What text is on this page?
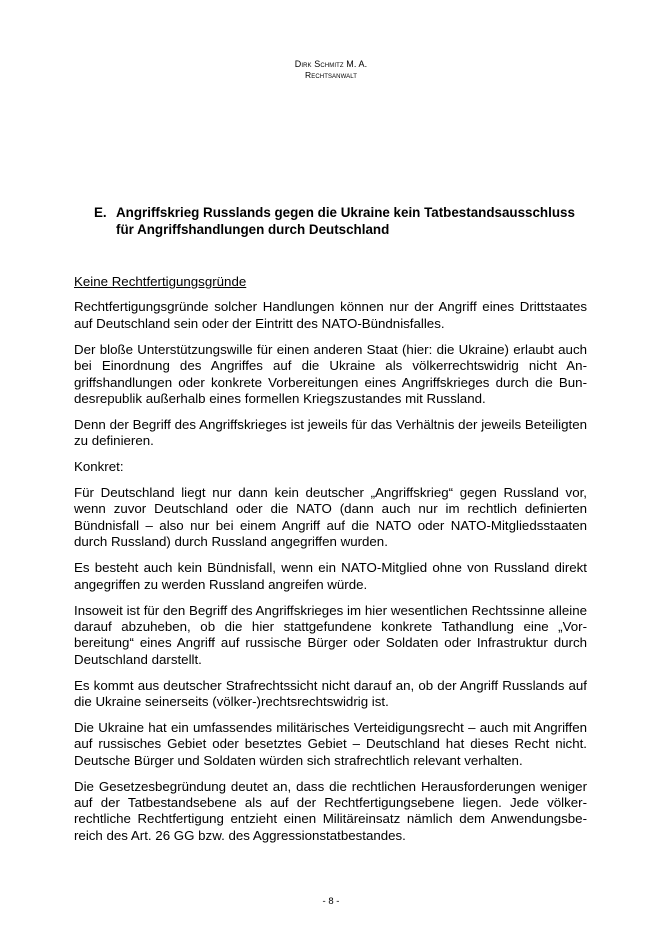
Dirk Schmitz M. A.
Rechtsanwalt
E. Angriffskrieg Russlands gegen die Ukraine kein Tatbestandsausschluss für Angriffshandlungen durch Deutschland
Keine Rechtfertigungsgründe

Rechtfertigungsgründe solcher Handlungen können nur der Angriff eines Drittstaates auf Deutschland sein oder der Eintritt des NATO-Bündnisfalles.

Der bloße Unterstützungswille für einen anderen Staat (hier: die Ukraine) erlaubt auch bei Einordnung des Angriffes auf die Ukraine als völkerrechtswidrig nicht Angriffshandlungen oder konkrete Vorbereitungen eines Angriffskrieges durch die Bundesrepublik außerhalb eines formellen Kriegszustandes mit Russland.

Denn der Begriff des Angriffskrieges ist jeweils für das Verhältnis der jeweils Beteiligten zu definieren.

Konkret:

Für Deutschland liegt nur dann kein deutscher „Angriffskrieg“ gegen Russland vor, wenn zuvor Deutschland oder die NATO (dann auch nur im rechtlich definierten Bündnisfall – also nur bei einem Angriff auf die NATO oder NATO-Mitgliedsstaaten durch Russland) durch Russland angegriffen wurden.

Es besteht auch kein Bündnisfall, wenn ein NATO-Mitglied ohne von Russland direkt angegriffen zu werden Russland angreifen würde.

Insoweit ist für den Begriff des Angriffskrieges im hier wesentlichen Rechtssinne alleine darauf abzuheben, ob die hier stattgefundene konkrete Tathandlung eine „Vorbereitung“ eines Angriff auf russische Bürger oder Soldaten oder Infrastruktur durch Deutschland darstellt.

Es kommt aus deutscher Strafrechtssicht nicht darauf an, ob der Angriff Russlands auf die Ukraine seinerseits (völker-)rechtsrechtswidrig ist.

Die Ukraine hat ein umfassendes militärisches Verteidigungsrecht – auch mit Angriffen auf russisches Gebiet oder besetztes Gebiet – Deutschland hat dieses Recht nicht. Deutsche Bürger und Soldaten würden sich strafrechtlich relevant verhalten.

Die Gesetzesbegründung deutet an, dass die rechtlichen Herausforderungen weniger auf der Tatbestandsebene als auf der Rechtfertigungsebene liegen. Jede völkerrechtliche Rechtfertigung entzieht einen Militäreinsatz nämlich dem Anwendungsbereich des Art. 26 GG bzw. des Aggressionstatbestandes.

- 8 -
